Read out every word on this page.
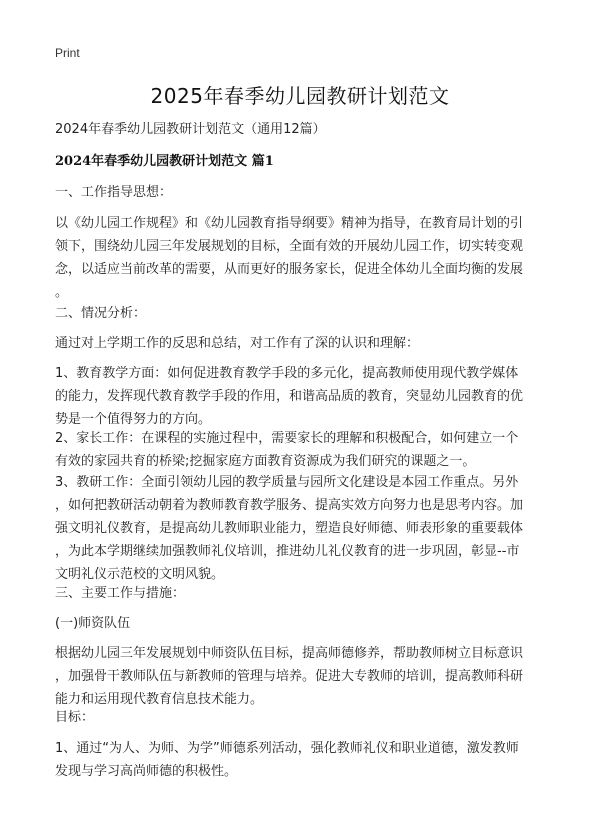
Print
2025年春季幼儿园教研计划范文

2024年春季幼儿园教研计划范文（通用12篇）

2024年春季幼儿园教研计划范文 篇1

一、工作指导思想：

以《幼儿园工作规程》和《幼儿园教育指导纲要》精神为指导，在教育局计划的引
领下，围绕幼儿园三年发展规划的目标，全面有效的开展幼儿园工作，切实转变观
念，以适应当前改革的需要，从而更好的服务家长，促进全体幼儿全面均衡的发展
。

二、情况分析：

通过对上学期工作的反思和总结，对工作有了深的认识和理解：

1、教育教学方面：如何促进教育教学手段的多元化，提高教师使用现代教学媒体
的能力，发挥现代教育教学手段的作用，和谐高品质的教育，突显幼儿园教育的优
势是一个值得努力的方向。
2、家长工作：在课程的实施过程中，需要家长的理解和积极配合，如何建立一个
有效的家园共育的桥梁;挖掘家庭方面教育资源成为我们研究的课题之一。
3、教研工作：全面引领幼儿园的教学质量与园所文化建设是本园工作重点。另外
，如何把教研活动朝着为教师教育教学服务、提高实效方向努力也是思考内容。加
强文明礼仪教育，是提高幼儿教师职业能力，塑造良好师德、师表形象的重要载体
，为此本学期继续加强教师礼仪培训，推进幼儿礼仪教育的进一步巩固，彰显--市
文明礼仪示范校的文明风貌。

三、主要工作与措施：

(一)师资队伍

根据幼儿园三年发展规划中师资队伍目标，提高师德修养，帮助教师树立目标意识
，加强骨干教师队伍与新教师的管理与培养。促进大专教师的培训，提高教师科研
能力和运用现代教育信息技术能力。

目标：

1、通过“为人、为师、为学”师德系列活动，强化教师礼仪和职业道德，激发教师
发现与学习高尚师德的积极性。
